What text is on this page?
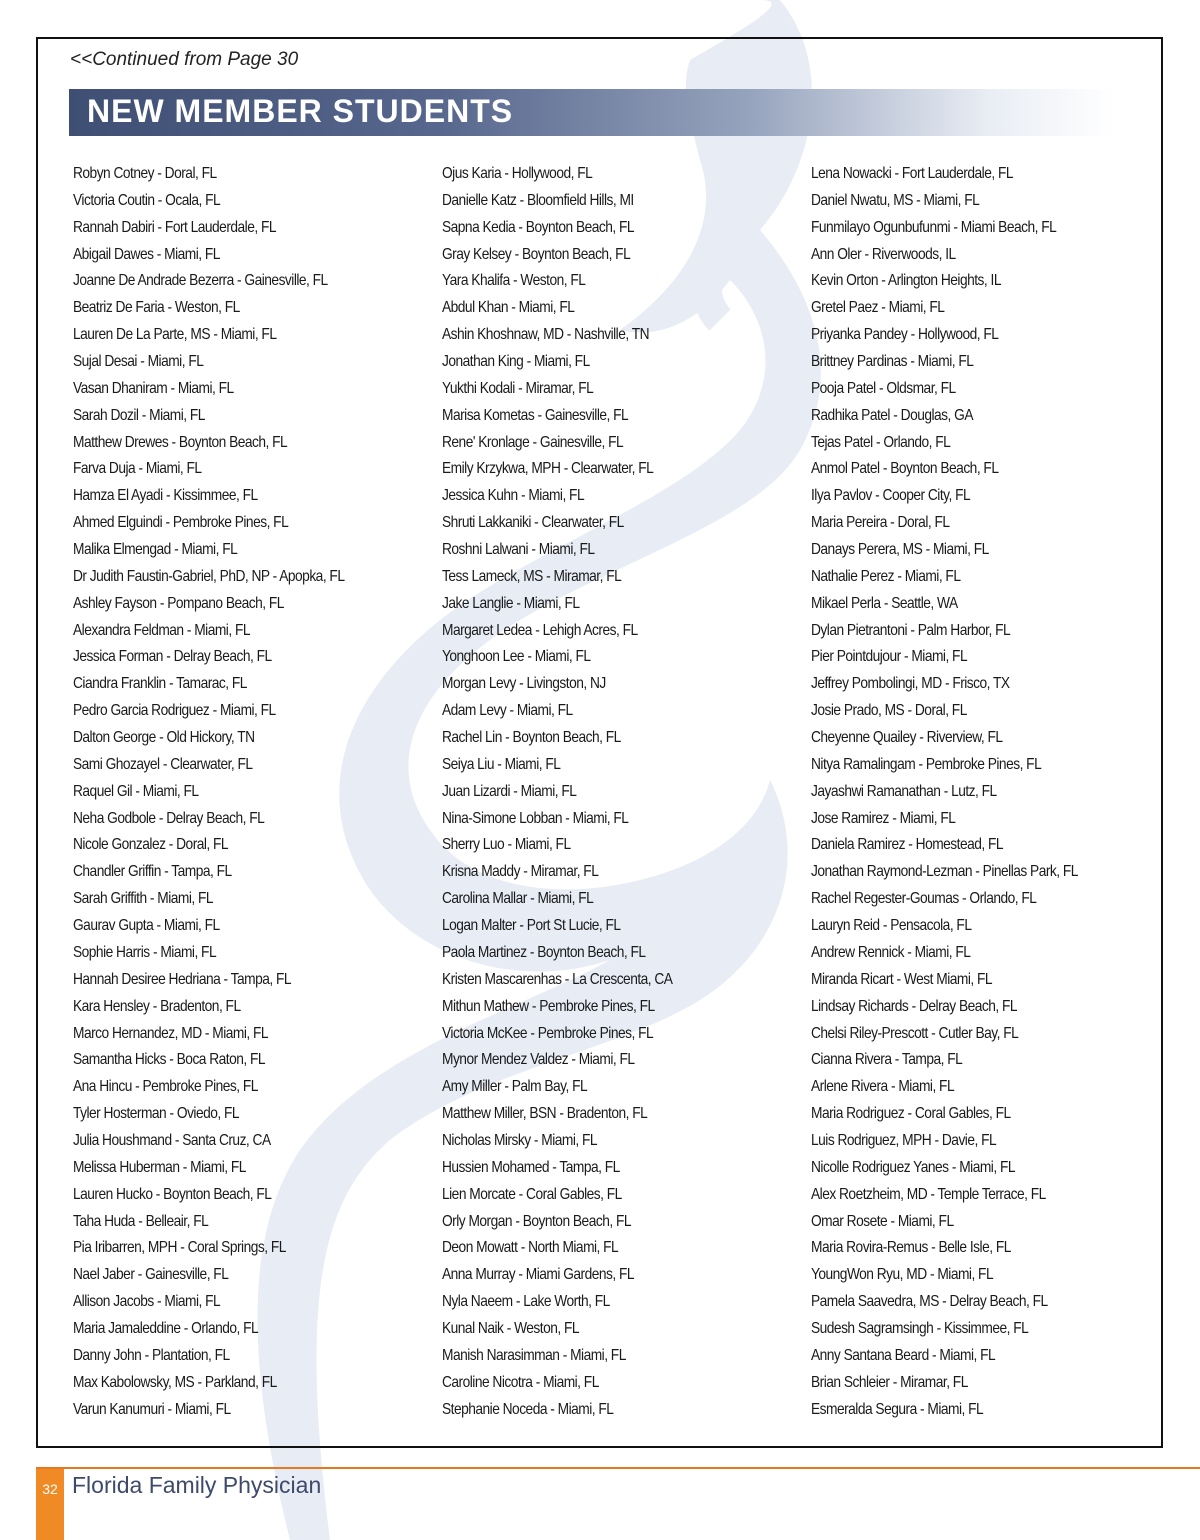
<<Continued from Page 30
NEW MEMBER STUDENTS
Robyn Cotney - Doral, FL
Victoria Coutin - Ocala, FL
Rannah Dabiri - Fort Lauderdale, FL
Abigail Dawes - Miami, FL
Joanne De Andrade Bezerra - Gainesville, FL
Beatriz De Faria - Weston, FL
Lauren De La Parte, MS - Miami, FL
Sujal Desai - Miami, FL
Vasan Dhaniram - Miami, FL
Sarah Dozil - Miami, FL
Matthew Drewes - Boynton Beach, FL
Farva Duja - Miami, FL
Hamza El Ayadi - Kissimmee, FL
Ahmed Elguindi - Pembroke Pines, FL
Malika Elmengad - Miami, FL
Dr Judith Faustin-Gabriel, PhD, NP - Apopka, FL
Ashley Fayson - Pompano Beach, FL
Alexandra Feldman - Miami, FL
Jessica Forman - Delray Beach, FL
Ciandra Franklin - Tamarac, FL
Pedro Garcia Rodriguez - Miami, FL
Dalton George - Old Hickory, TN
Sami Ghozayel - Clearwater, FL
Raquel Gil - Miami, FL
Neha Godbole - Delray Beach, FL
Nicole Gonzalez - Doral, FL
Chandler Griffin - Tampa, FL
Sarah Griffith - Miami, FL
Gaurav Gupta - Miami, FL
Sophie Harris - Miami, FL
Hannah Desiree Hedriana - Tampa, FL
Kara Hensley - Bradenton, FL
Marco Hernandez, MD - Miami, FL
Samantha Hicks - Boca Raton, FL
Ana Hincu - Pembroke Pines, FL
Tyler Hosterman - Oviedo, FL
Julia Houshmand - Santa Cruz, CA
Melissa Huberman - Miami, FL
Lauren Hucko - Boynton Beach, FL
Taha Huda - Belleair, FL
Pia Iribarren, MPH - Coral Springs, FL
Nael Jaber - Gainesville, FL
Allison Jacobs - Miami, FL
Maria Jamaleddine - Orlando, FL
Danny John - Plantation, FL
Max Kabolowsky, MS - Parkland, FL
Varun Kanumuri - Miami, FL
Ojus Karia - Hollywood, FL
Danielle Katz - Bloomfield Hills, MI
Sapna Kedia - Boynton Beach, FL
Gray Kelsey - Boynton Beach, FL
Yara Khalifa - Weston, FL
Abdul Khan - Miami, FL
Ashin Khoshnaw, MD - Nashville, TN
Jonathan King - Miami, FL
Yukthi Kodali - Miramar, FL
Marisa Kometas - Gainesville, FL
Rene' Kronlage - Gainesville, FL
Emily Krzykwa, MPH - Clearwater, FL
Jessica Kuhn - Miami, FL
Shruti Lakkaniki - Clearwater, FL
Roshni Lalwani - Miami, FL
Tess Lameck, MS - Miramar, FL
Jake Langlie - Miami, FL
Margaret Ledea - Lehigh Acres, FL
Yonghoon Lee - Miami, FL
Morgan Levy - Livingston, NJ
Adam Levy - Miami, FL
Rachel Lin - Boynton Beach, FL
Seiya Liu - Miami, FL
Juan Lizardi - Miami, FL
Nina-Simone Lobban - Miami, FL
Sherry Luo - Miami, FL
Krisna Maddy - Miramar, FL
Carolina Mallar - Miami, FL
Logan Malter - Port St Lucie, FL
Paola Martinez - Boynton Beach, FL
Kristen Mascarenhas - La Crescenta, CA
Mithun Mathew - Pembroke Pines, FL
Victoria McKee - Pembroke Pines, FL
Mynor Mendez Valdez - Miami, FL
Amy Miller - Palm Bay, FL
Matthew Miller, BSN - Bradenton, FL
Nicholas Mirsky - Miami, FL
Hussien Mohamed - Tampa, FL
Lien Morcate - Coral Gables, FL
Orly Morgan - Boynton Beach, FL
Deon Mowatt - North Miami, FL
Anna Murray - Miami Gardens, FL
Nyla Naeem - Lake Worth, FL
Kunal Naik - Weston, FL
Manish Narasimman - Miami, FL
Caroline Nicotra - Miami, FL
Stephanie Noceda - Miami, FL
Lena Nowacki - Fort Lauderdale, FL
Daniel Nwatu, MS - Miami, FL
Funmilayo Ogunbufunmi - Miami Beach, FL
Ann Oler - Riverwoods, IL
Kevin Orton - Arlington Heights, IL
Gretel Paez - Miami, FL
Priyanka Pandey - Hollywood, FL
Brittney Pardinas - Miami, FL
Pooja Patel - Oldsmar, FL
Radhika Patel - Douglas, GA
Tejas Patel - Orlando, FL
Anmol Patel - Boynton Beach, FL
Ilya Pavlov - Cooper City, FL
Maria Pereira - Doral, FL
Danays Perera, MS - Miami, FL
Nathalie Perez - Miami, FL
Mikael Perla - Seattle, WA
Dylan Pietrantoni - Palm Harbor, FL
Pier Pointdujour - Miami, FL
Jeffrey Pombolingi, MD - Frisco, TX
Josie Prado, MS - Doral, FL
Cheyenne Quailey - Riverview, FL
Nitya Ramalingam - Pembroke Pines, FL
Jayashwi Ramanathan - Lutz, FL
Jose Ramirez - Miami, FL
Daniela Ramirez - Homestead, FL
Jonathan Raymond-Lezman - Pinellas Park, FL
Rachel Regester-Goumas - Orlando, FL
Lauryn Reid - Pensacola, FL
Andrew Rennick - Miami, FL
Miranda Ricart - West Miami, FL
Lindsay Richards - Delray Beach, FL
Chelsi Riley-Prescott - Cutler Bay, FL
Cianna Rivera - Tampa, FL
Arlene Rivera - Miami, FL
Maria Rodriguez - Coral Gables, FL
Luis Rodriguez, MPH - Davie, FL
Nicolle Rodriguez Yanes - Miami, FL
Alex Roetzheim, MD - Temple Terrace, FL
Omar Rosete - Miami, FL
Maria Rovira-Remus - Belle Isle, FL
YoungWon Ryu, MD - Miami, FL
Pamela Saavedra, MS - Delray Beach, FL
Sudesh Sagramsingh - Kissimmee, FL
Anny Santana Beard - Miami, FL
Brian Schleier - Miramar, FL
Esmeralda Segura - Miami, FL
32 Florida Family Physician
